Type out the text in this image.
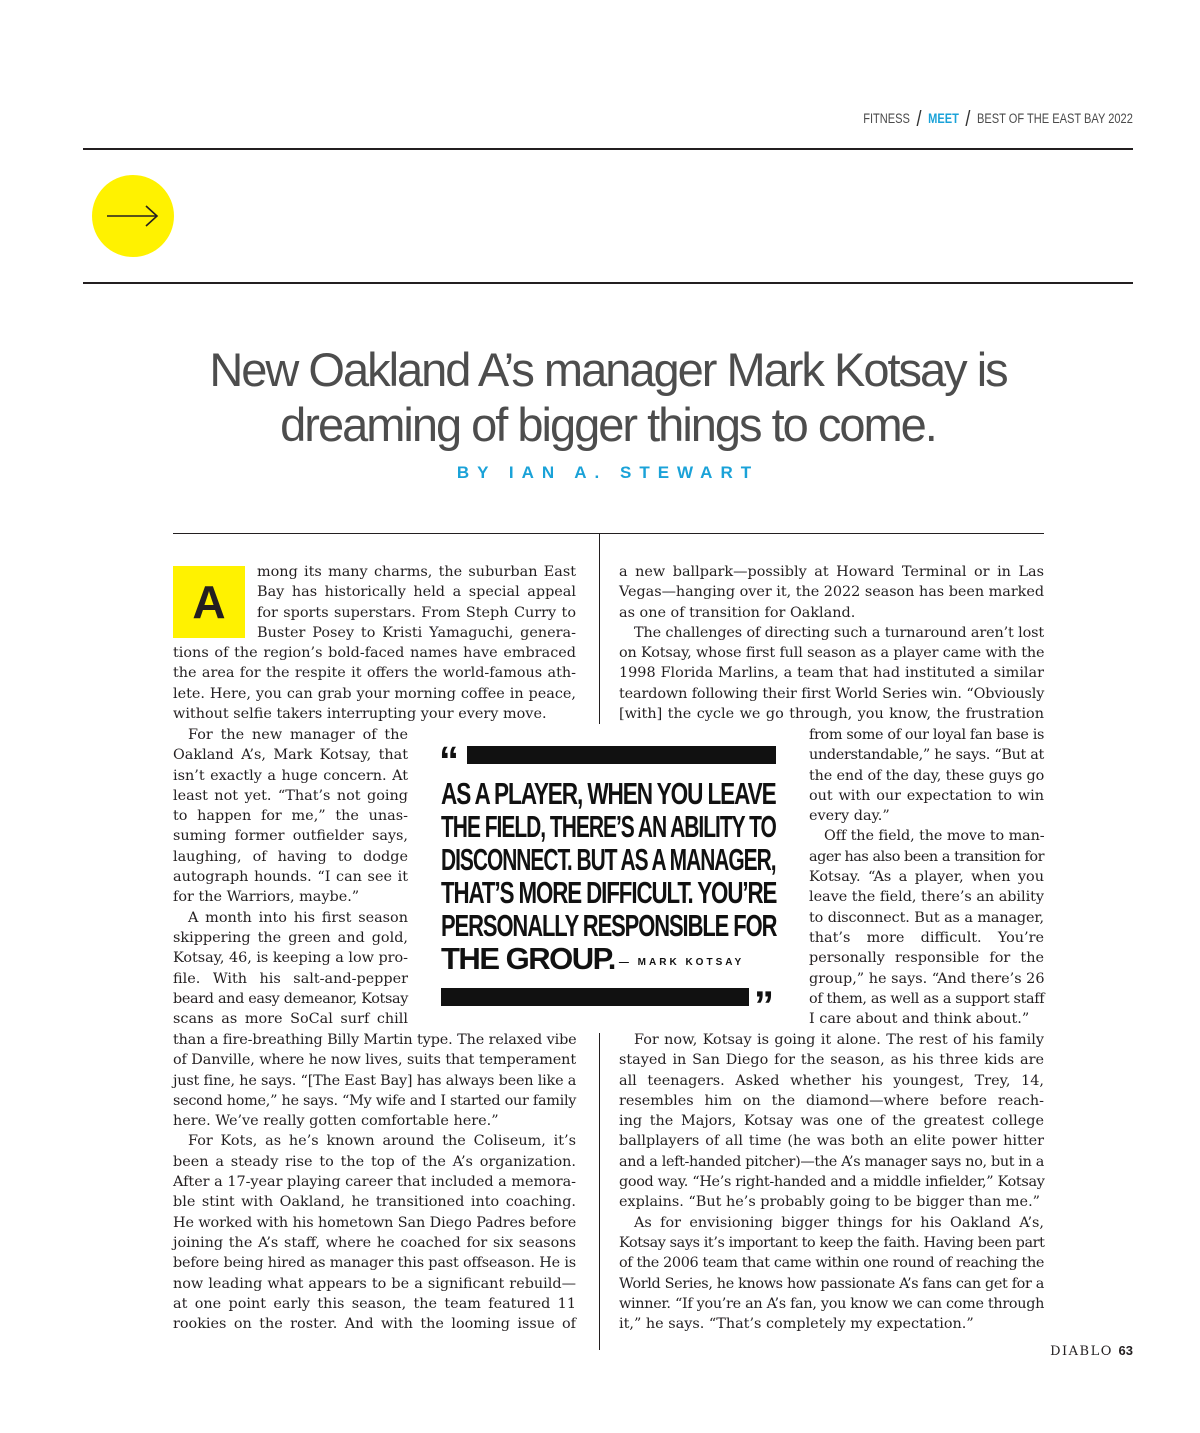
FITNESS / MEET / BEST OF THE EAST BAY 2022
New Oakland A’s manager Mark Kotsay is
dreaming of bigger things to come.
BY IAN A. STEWART
A
mong its many charms, the suburban East
Bay has historically held a special appeal
for sports superstars. From Steph Curry to
Buster Posey to Kristi Yamaguchi, genera-
tions of the region’s bold-faced names have embraced
the area for the respite it offers the world-famous ath-
lete. Here, you can grab your morning coffee in peace,
without selfie takers interrupting your every move.
For the new manager of the
Oakland A’s, Mark Kotsay, that
isn’t exactly a huge concern. At
least not yet. “That’s not going
to happen for me,” the unas-
suming former outfielder says,
laughing, of having to dodge
autograph hounds. “I can see it
for the Warriors, maybe.”
A month into his first season
skippering the green and gold,
Kotsay, 46, is keeping a low pro-
file. With his salt-and-pepper
beard and easy demeanor, Kotsay
scans as more SoCal surf chill
than a fire-breathing Billy Martin type. The relaxed vibe
of Danville, where he now lives, suits that temperament
just fine, he says. “[The East Bay] has always been like a
second home,” he says. “My wife and I started our family
here. We’ve really gotten comfortable here.”
For Kots, as he’s known around the Coliseum, it’s
been a steady rise to the top of the A’s organization.
After a 17-year playing career that included a memora-
ble stint with Oakland, he transitioned into coaching.
He worked with his hometown San Diego Padres before
joining the A’s staff, where he coached for six seasons
before being hired as manager this past offseason. He is
now leading what appears to be a significant rebuild—
at one point early this season, the team featured 11
rookies on the roster. And with the looming issue of
a new ballpark—possibly at Howard Terminal or in Las
Vegas—hanging over it, the 2022 season has been marked
as one of transition for Oakland.
The challenges of directing such a turnaround aren’t lost
on Kotsay, whose first full season as a player came with the
1998 Florida Marlins, a team that had instituted a similar
teardown following their first World Series win. “Obviously
[with] the cycle we go through, you know, the frustration
from some of our loyal fan base is
understandable,” he says. “But at
the end of the day, these guys go
out with our expectation to win
every day.”
Off the field, the move to man-
ager has also been a transition for
Kotsay. “As a player, when you
leave the field, there’s an ability
to disconnect. But as a manager,
that’s more difficult. You’re
personally responsible for the
group,” he says. “And there’s 26
of them, as well as a support staff
I care about and think about.”
For now, Kotsay is going it alone. The rest of his family
stayed in San Diego for the season, as his three kids are
all teenagers. Asked whether his youngest, Trey, 14,
resembles him on the diamond—where before reach-
ing the Majors, Kotsay was one of the greatest college
ballplayers of all time (he was both an elite power hitter
and a left-handed pitcher)—the A’s manager says no, but in a
good way. “He’s right-handed and a middle infielder,” Kotsay
explains. “But he’s probably going to be bigger than me.”
As for envisioning bigger things for his Oakland A’s,
Kotsay says it’s important to keep the faith. Having been part
of the 2006 team that came within one round of reaching the
World Series, he knows how passionate A’s fans can get for a
winner. “If you’re an A’s fan, you know we can come through
it,” he says. “That’s completely my expectation.”
“
AS A PLAYER, WHEN YOU LEAVE
THE FIELD, THERE’S AN ABILITY TO
DISCONNECT. BUT AS A MANAGER,
THAT’S MORE DIFFICULT. YOU’RE
PERSONALLY RESPONSIBLE FOR
THE GROUP. — MARK KOTSAY
”
DIABLO 63
